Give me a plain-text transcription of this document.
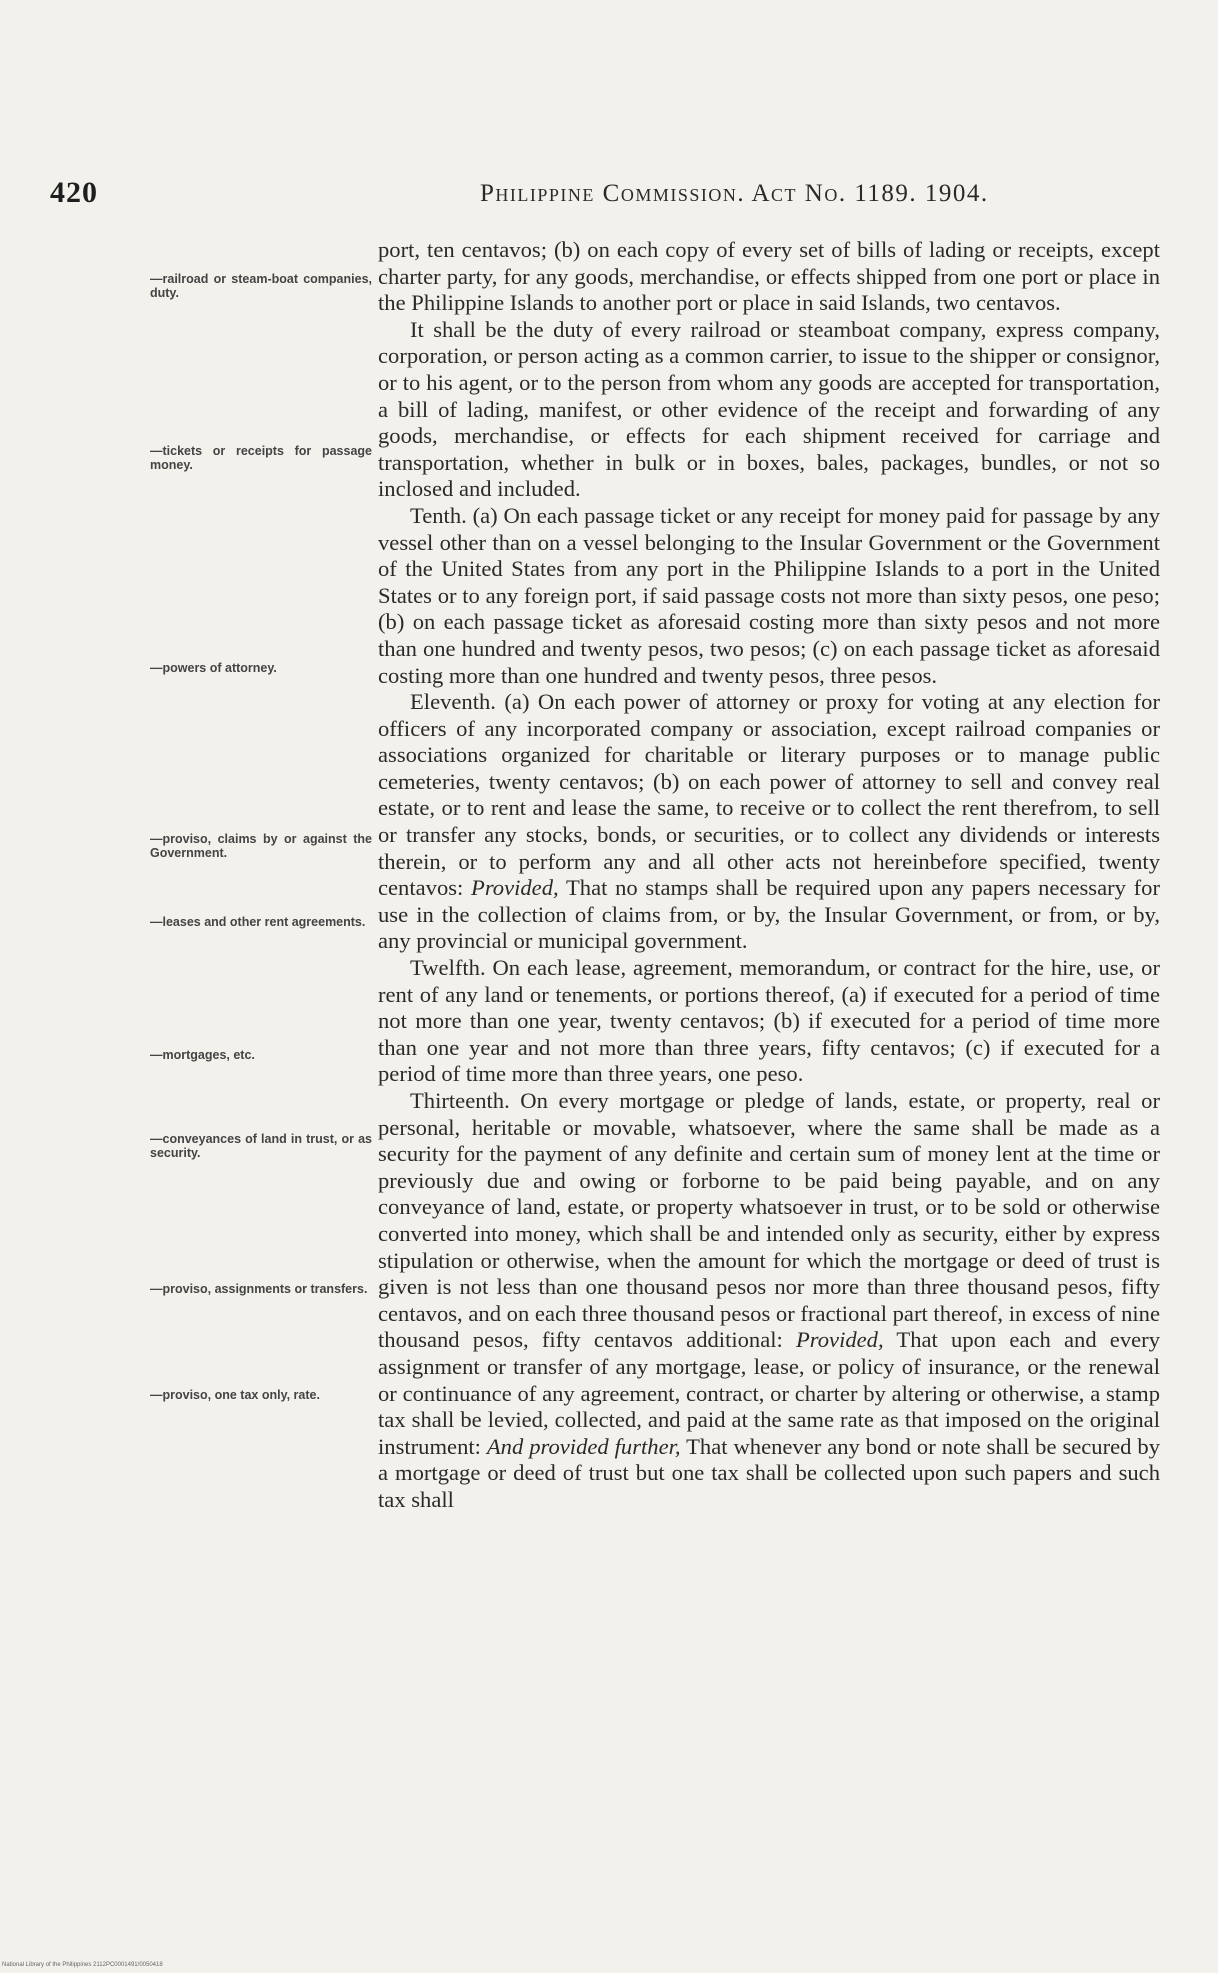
420	Philippine Commission. Act No. 1189. 1904.
—railroad or steam-boat companies, duty.
—tickets or receipts for passage money.
—powers of attorney.
—proviso, claims by or against the Government.
—leases and other rent agreements.
—mortgages, etc.
—conveyances of land in trust, or as security.
—proviso, assignments or transfers.
—proviso, one tax only, rate.

port, ten centavos; (b) on each copy of every set of bills of lading or receipts, except charter party, for any goods, merchandise, or effects shipped from one port or place in the Philippine Islands to another port or place in said Islands, two centavos.

It shall be the duty of every railroad or steamboat company, express company, corporation, or person acting as a common carrier, to issue to the shipper or consignor, or to his agent, or to the person from whom any goods are accepted for transportation, a bill of lading, manifest, or other evidence of the receipt and forwarding of any goods, merchandise, or effects for each shipment received for carriage and transportation, whether in bulk or in boxes, bales, packages, bundles, or not so inclosed and included.

Tenth. (a) On each passage ticket or any receipt for money paid for passage by any vessel other than on a vessel belonging to the Insular Government or the Government of the United States from any port in the Philippine Islands to a port in the United States or to any foreign port, if said passage costs not more than sixty pesos, one peso; (b) on each passage ticket as aforesaid costing more than sixty pesos and not more than one hundred and twenty pesos, two pesos; (c) on each passage ticket as aforesaid costing more than one hundred and twenty pesos, three pesos.

Eleventh. (a) On each power of attorney or proxy for voting at any election for officers of any incorporated company or association, except railroad companies or associations organized for charitable or literary purposes or to manage public cemeteries, twenty centavos; (b) on each power of attorney to sell and convey real estate, or to rent and lease the same, to receive or to collect the rent therefrom, to sell or transfer any stocks, bonds, or securities, or to collect any dividends or interests therein, or to perform any and all other acts not hereinbefore specified, twenty centavos: Provided, That no stamps shall be required upon any papers necessary for use in the collection of claims from, or by, the Insular Government, or from, or by, any provincial or municipal government.

Twelfth. On each lease, agreement, memorandum, or contract for the hire, use, or rent of any land or tenements, or portions thereof, (a) if executed for a period of time not more than one year, twenty centavos; (b) if executed for a period of time more than one year and not more than three years, fifty centavos; (c) if executed for a period of time more than three years, one peso.

Thirteenth. On every mortgage or pledge of lands, estate, or property, real or personal, heritable or movable, whatsoever, where the same shall be made as a security for the payment of any definite and certain sum of money lent at the time or previously due and owing or forborne to be paid being payable, and on any conveyance of land, estate, or property whatsoever in trust, or to be sold or otherwise converted into money, which shall be and intended only as security, either by express stipulation or otherwise, when the amount for which the mortgage or deed of trust is given is not less than one thousand pesos nor more than three thousand pesos, fifty centavos, and on each three thousand pesos or fractional part thereof, in excess of nine thousand pesos, fifty centavos additional: Provided, That upon each and every assignment or transfer of any mortgage, lease, or policy of insurance, or the renewal or continuance of any agreement, contract, or charter by altering or otherwise, a stamp tax shall be levied, collected, and paid at the same rate as that imposed on the original instrument: And provided further, That whenever any bond or note shall be secured by a mortgage or deed of trust but one tax shall be collected upon such papers and such tax shall

National Library of the Philippines 2112PC0001491/0050418
